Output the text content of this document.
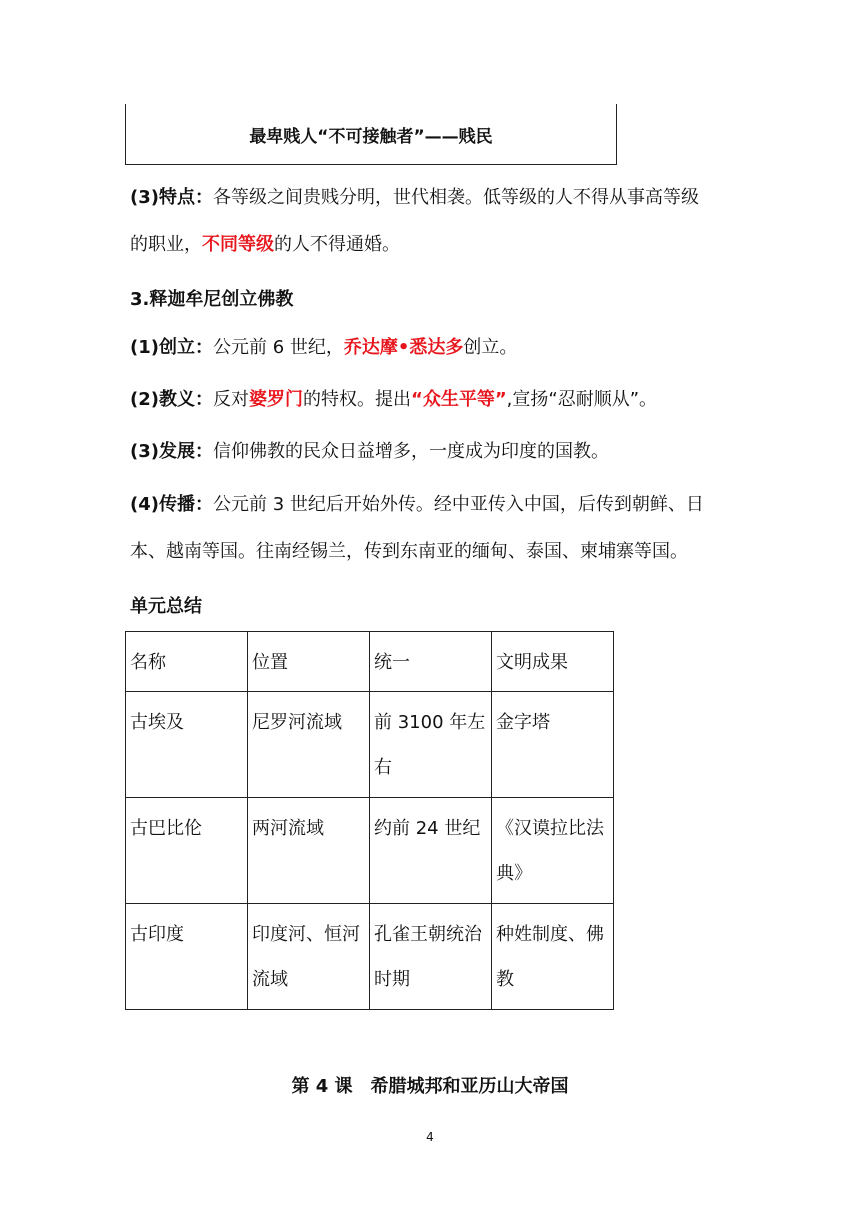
最卑贱人“不可接触者”——贱民
(3)特点：各等级之间贵贱分明，世代相袭。低等级的人不得从事高等级
的职业，不同等级的人不得通婚。
3.释迦牟尼创立佛教
(1)创立：公元前 6 世纪，乔达摩•悉达多创立。
(2)教义：反对婆罗门的特权。提出“众生平等”,宣扬“忍耐顺从”。
(3)发展：信仰佛教的民众日益增多，一度成为印度的国教。
(4)传播：公元前 3 世纪后开始外传。经中亚传入中国，后传到朝鲜、日
本、越南等国。往南经锡兰，传到东南亚的缅甸、泰国、柬埔寨等国。
单元总结
名称	位置	统一	文明成果
古埃及	尼罗河流域	前 3100 年左右	金字塔
古巴比伦	两河流域	约前 24 世纪	《汉谟拉比法典》
古印度	印度河、恒河流域	孔雀王朝统治时期	种姓制度、佛教
第 4 课　希腊城邦和亚历山大帝国
4
